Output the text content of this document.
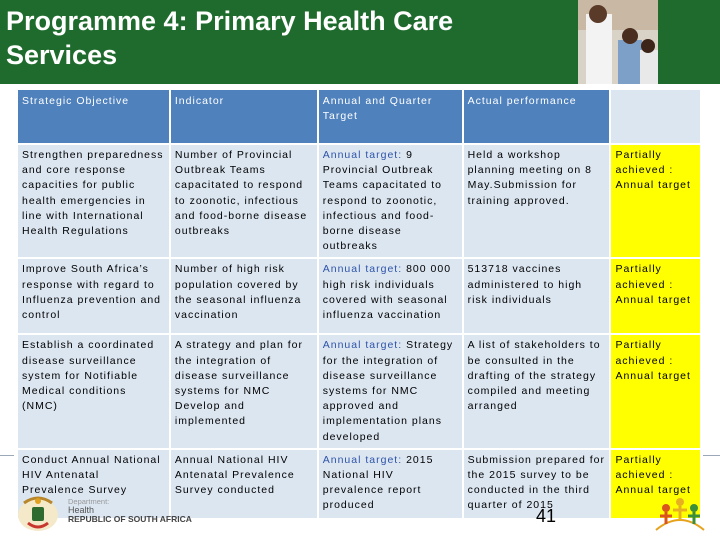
Programme 4: Primary Health Care
Services
Strategic Objective	Indicator	Annual and Quarter Target	Actual performance	
Strengthen preparedness and core response capacities for public health emergencies in line with International Health Regulations	Number of Provincial Outbreak Teams capacitated to respond to zoonotic, infectious and food-borne disease outbreaks	Annual target: 9 Provincial Outbreak Teams capacitated to respond to zoonotic, infectious and food-borne disease outbreaks	Held a workshop planning meeting on 8 May.Submission for training approved.	Partially achieved : Annual target
Improve South Africa’s response with regard to Influenza prevention and control	Number of high risk population covered by the seasonal influenza vaccination	Annual target: 800 000 high risk individuals covered with seasonal influenza vaccination	513718 vaccines administered to high risk individuals	Partially achieved : Annual target
Establish a coordinated disease surveillance system for Notifiable Medical conditions (NMC)	A strategy and plan for the integration of disease surveillance systems for NMC Develop and implemented	Annual target: Strategy for the integration of disease surveillance systems for NMC approved and implementation plans developed	A list of stakeholders to be consulted in the drafting of the strategy compiled and meeting arranged	Partially achieved : Annual target
Conduct Annual National HIV Antenatal Prevalence Survey	Annual National HIV Antenatal Prevalence Survey conducted	Annual target: 2015 National HIV prevalence report produced	Submission prepared for the 2015 survey to be conducted in the third quarter of 2015	Partially achieved : Annual target
Department:
Health
REPUBLIC OF SOUTH AFRICA	41
